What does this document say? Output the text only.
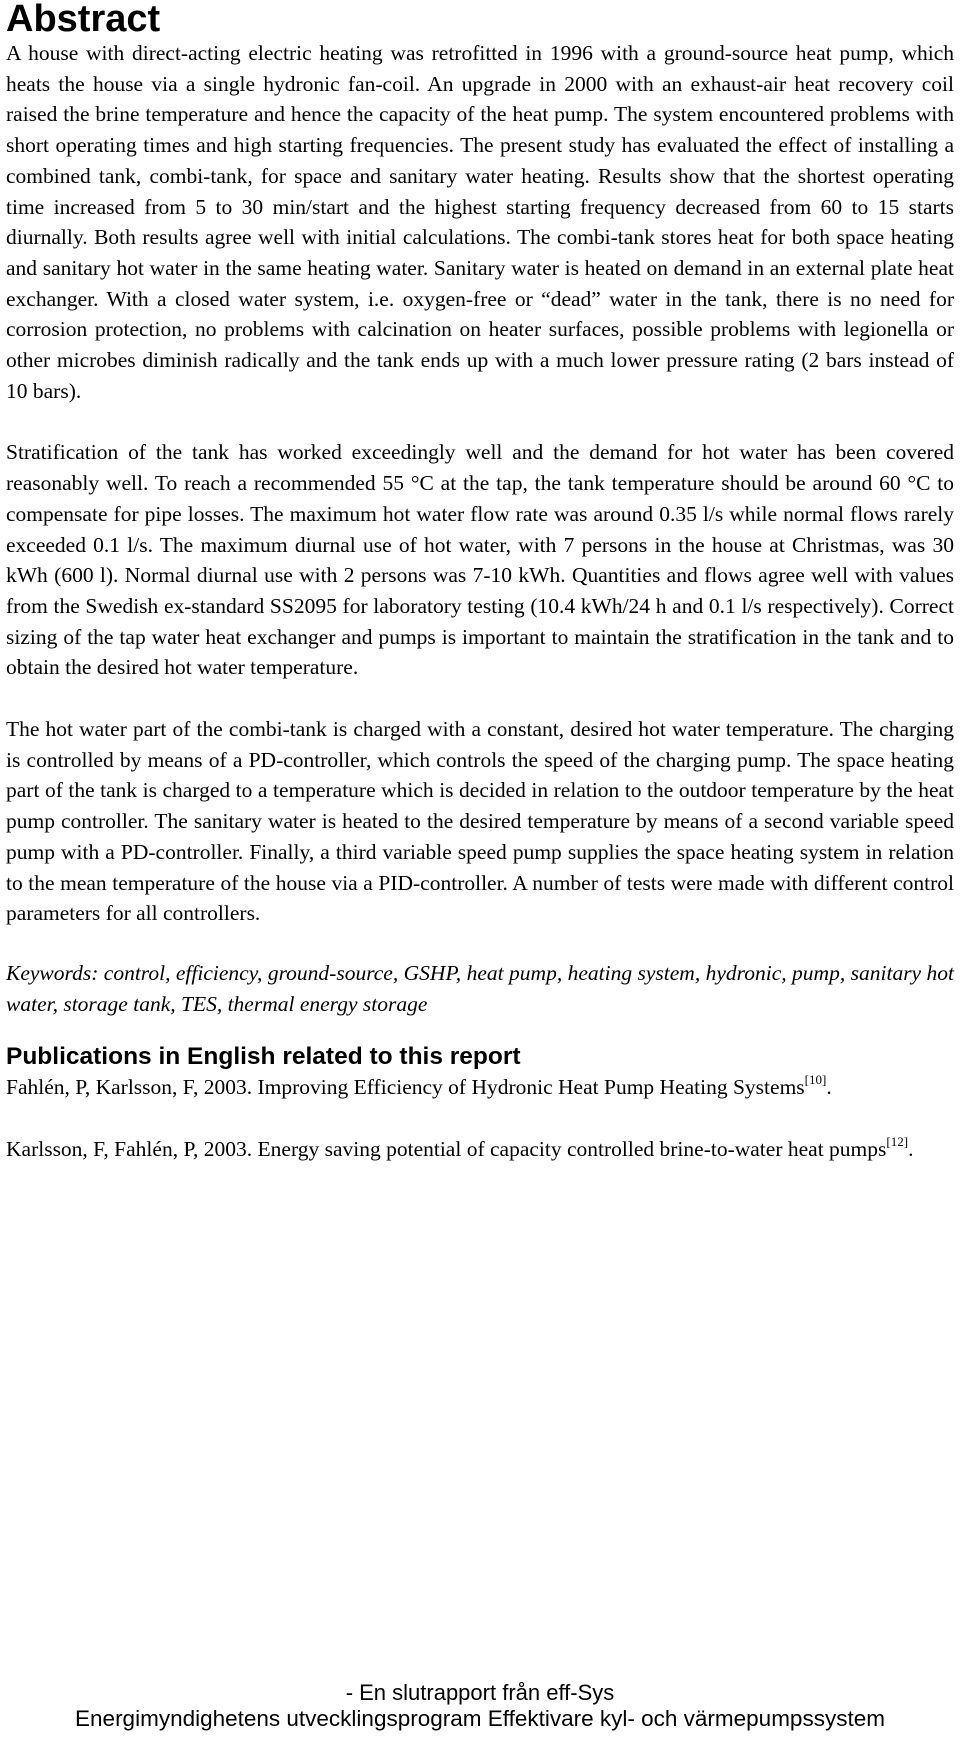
Abstract

A house with direct-acting electric heating was retrofitted in 1996 with a ground-source heat pump, which heats the house via a single hydronic fan-coil. An upgrade in 2000 with an exhaust-air heat recovery coil raised the brine temperature and hence the capacity of the heat pump. The system encountered problems with short operating times and high starting frequencies. The present study has evaluated the effect of installing a combined tank, combi-tank, for space and sanitary water heating. Results show that the shortest operating time increased from 5 to 30 min/start and the highest starting frequency decreased from 60 to 15 starts diurnally. Both results agree well with initial calculations. The combi-tank stores heat for both space heating and sanitary hot water in the same heating water. Sanitary water is heated on demand in an external plate heat exchanger. With a closed water system, i.e. oxygen-free or “dead” water in the tank, there is no need for corrosion protection, no problems with calcination on heater surfaces, possible problems with legionella or other microbes diminish radically and the tank ends up with a much lower pressure rating (2 bars instead of 10 bars).

Stratification of the tank has worked exceedingly well and the demand for hot water has been covered reasonably well. To reach a recommended 55 °C at the tap, the tank temperature should be around 60 °C to compensate for pipe losses. The maximum hot water flow rate was around 0.35 l/s while normal flows rarely exceeded 0.1 l/s. The maximum diurnal use of hot water, with 7 persons in the house at Christmas, was 30 kWh (600 l). Normal diurnal use with 2 persons was 7-10 kWh. Quantities and flows agree well with values from the Swedish ex-standard SS2095 for laboratory testing (10.4 kWh/24 h and 0.1 l/s respectively). Correct sizing of the tap water heat exchanger and pumps is important to maintain the stratification in the tank and to obtain the desired hot water temperature.

The hot water part of the combi-tank is charged with a constant, desired hot water temperature. The charging is controlled by means of a PD-controller, which controls the speed of the charging pump. The space heating part of the tank is charged to a temperature which is decided in relation to the outdoor temperature by the heat pump controller. The sanitary water is heated to the desired temperature by means of a second variable speed pump with a PD-controller. Finally, a third variable speed pump supplies the space heating system in relation to the mean temperature of the house via a PID-controller. A number of tests were made with different control parameters for all controllers.

Keywords: control, efficiency, ground-source, GSHP, heat pump, heating system, hydronic, pump, sanitary hot water, storage tank, TES, thermal energy storage

Publications in English related to this report

Fahlén, P, Karlsson, F, 2003. Improving Efficiency of Hydronic Heat Pump Heating Systems[10].

Karlsson, F, Fahlén, P, 2003. Energy saving potential of capacity controlled brine-to-water heat pumps[12].

- En slutrapport från eff-Sys
Energimyndighetens utvecklingsprogram Effektivare kyl- och värmepumpssystem
